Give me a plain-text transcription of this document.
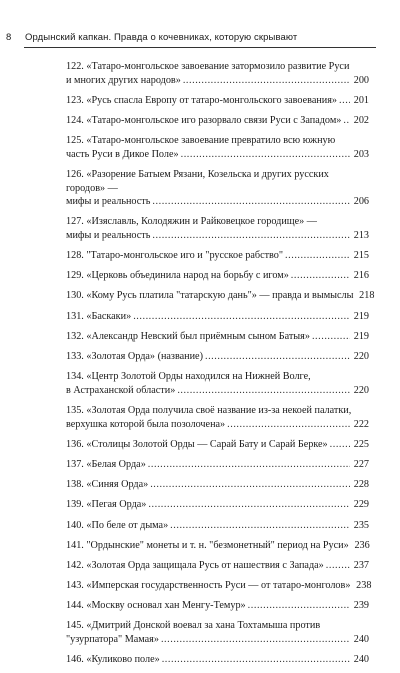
8	Ордынский капкан. Правда о кочевниках, которую скрывают
122. «Татаро-монгольское завоевание затормозило развитие Руси
и многих других народов» . . .	200
123. «Русь спасла Европу от татаро-монгольского завоевания» . . . 201
124. «Татаро-монгольское иго разорвало связи Руси с Западом» . . . 202
125. «Татаро-монгольское завоевание превратило всю южную
часть Руси в Дикое Поле» . . .	203
126. «Разорение Батыем Рязани, Козельска и других русских городов» —
мифы и реальность . . .	206
127. «Изяславль, Колодяжин и Райковецкое городище» —
мифы и реальность . . .	213
128. "Татаро-монгольское иго и "русское рабство" . . .	215
129. «Церковь объединила народ на борьбу с игом» . . .	216
130. «Кому Русь платила "татарскую дань"» — правда и вымыслы 218
131. «Баскаки» . . .	219
132. «Александр Невский был приёмным сыном Батыя» . . .	219
133. «Золотая Орда» (название) . . .	220
134. «Центр Золотой Орды находился на Нижней Волге,
в Астраханской области» . . .	220
135. «Золотая Орда получила своё название из-за некоей палатки,
верхушка которой была позолочена» . . .	222
136. «Столицы Золотой Орды — Сарай Бату и Сарай Берке» . . .	225
137. «Белая Орда» . . .	227
138. «Синяя Орда» . . .	228
139. «Пегая Орда» . . .	229
140. «По беле от дыма» . . .	235
141. "Ордынские" монеты и т. н. "безмонетный" период на Руси» 236
142. «Золотая Орда защищала Русь от нашествия с Запада» . . .	237
143. «Имперская государственность Руси — от татаро-монголов» 238
144. «Москву основал хан Менгу-Темур» . . .	239
145. «Дмитрий Донской воевал за хана Тохтамыша против
"узурпатора" Мамая» . . .	240
146. «Куликово поле» . . .	240
